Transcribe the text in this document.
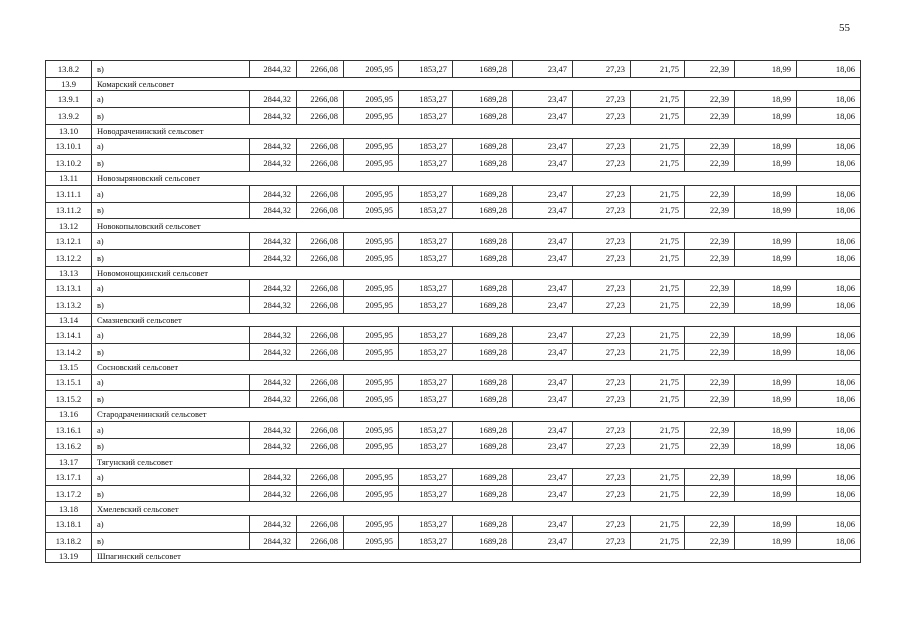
55
13.8.2	в)	2844,32	2266,08	2095,95	1853,27	1689,28	23,47	27,23	21,75	22,39	18,99	18,06
13.9	Комарский сельсовет											
13.9.1	а)	2844,32	2266,08	2095,95	1853,27	1689,28	23,47	27,23	21,75	22,39	18,99	18,06
13.9.2	в)	2844,32	2266,08	2095,95	1853,27	1689,28	23,47	27,23	21,75	22,39	18,99	18,06
13.10	Новодраченинский сельсовет											
13.10.1	а)	2844,32	2266,08	2095,95	1853,27	1689,28	23,47	27,23	21,75	22,39	18,99	18,06
13.10.2	в)	2844,32	2266,08	2095,95	1853,27	1689,28	23,47	27,23	21,75	22,39	18,99	18,06
13.11	Новозыряновский сельсовет											
13.11.1	а)	2844,32	2266,08	2095,95	1853,27	1689,28	23,47	27,23	21,75	22,39	18,99	18,06
13.11.2	в)	2844,32	2266,08	2095,95	1853,27	1689,28	23,47	27,23	21,75	22,39	18,99	18,06
13.12	Новокопыловский сельсовет											
13.12.1	а)	2844,32	2266,08	2095,95	1853,27	1689,28	23,47	27,23	21,75	22,39	18,99	18,06
13.12.2	в)	2844,32	2266,08	2095,95	1853,27	1689,28	23,47	27,23	21,75	22,39	18,99	18,06
13.13	Новомонощкинский сельсовет											
13.13.1	а)	2844,32	2266,08	2095,95	1853,27	1689,28	23,47	27,23	21,75	22,39	18,99	18,06
13.13.2	в)	2844,32	2266,08	2095,95	1853,27	1689,28	23,47	27,23	21,75	22,39	18,99	18,06
13.14	Смазневский сельсовет											
13.14.1	а)	2844,32	2266,08	2095,95	1853,27	1689,28	23,47	27,23	21,75	22,39	18,99	18,06
13.14.2	в)	2844,32	2266,08	2095,95	1853,27	1689,28	23,47	27,23	21,75	22,39	18,99	18,06
13.15	Сосновский сельсовет											
13.15.1	а)	2844,32	2266,08	2095,95	1853,27	1689,28	23,47	27,23	21,75	22,39	18,99	18,06
13.15.2	в)	2844,32	2266,08	2095,95	1853,27	1689,28	23,47	27,23	21,75	22,39	18,99	18,06
13.16	Стародраченинский сельсовет											
13.16.1	а)	2844,32	2266,08	2095,95	1853,27	1689,28	23,47	27,23	21,75	22,39	18,99	18,06
13.16.2	в)	2844,32	2266,08	2095,95	1853,27	1689,28	23,47	27,23	21,75	22,39	18,99	18,06
13.17	Тягунский сельсовет											
13.17.1	а)	2844,32	2266,08	2095,95	1853,27	1689,28	23,47	27,23	21,75	22,39	18,99	18,06
13.17.2	в)	2844,32	2266,08	2095,95	1853,27	1689,28	23,47	27,23	21,75	22,39	18,99	18,06
13.18	Хмелевский сельсовет											
13.18.1	а)	2844,32	2266,08	2095,95	1853,27	1689,28	23,47	27,23	21,75	22,39	18,99	18,06
13.18.2	в)	2844,32	2266,08	2095,95	1853,27	1689,28	23,47	27,23	21,75	22,39	18,99	18,06
13.19	Шпагинский сельсовет											
